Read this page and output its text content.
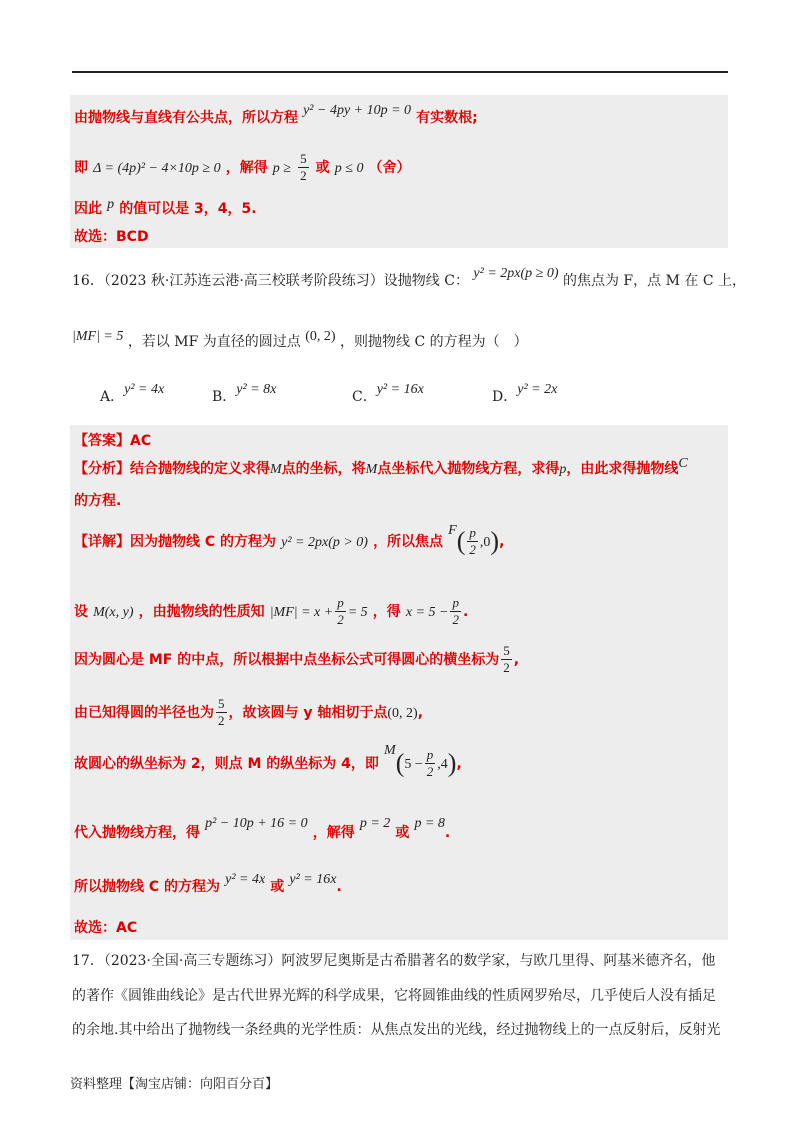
由抛物线与直线有公共点，所以方程 y² − 4py + 10p = 0 有实数根;
即 Δ = (4p)² − 4×10p ≥ 0 ，解得 $p \ge \frac{5}{2}$ 或 p ≤ 0 （舍）
因此 p 的值可以是 3，4，5.
故选：BCD
16．（2023 秋·江苏连云港·高三校联考阶段练习）设抛物线 C： y² = 2px(p ≥ 0) 的焦点为 F，点 M 在 C 上，
|MF| = 5 ，若以 MF 为直径的圆过点 (0, 2) ，则抛物线 C 的方程为（　）
A．y² = 4x	B．y² = 8x	C．y² = 16x	D．y² = 2x
【答案】AC
【分析】结合抛物线的定义求得M点的坐标，将M点坐标代入抛物线方程，求得p，由此求得抛物线C
的方程.
【详解】因为抛物线 C 的方程为 y² = 2px(p > 0) ，所以焦点 $F( \frac{p}{2} ,0)$,
设 M(x, y) ，由抛物线的性质知 $|MF| = x + \frac{p}{2} = 5$ ，得 $x = 5 - \frac{p}{2}$ .
因为圆心是 MF 的中点，所以根据中点坐标公式可得圆心的横坐标为 $\frac{5}{2}$ ,
由已知得圆的半径也为 $\frac{5}{2}$ ，故该圆与 y 轴相切于点(0, 2),
故圆心的纵坐标为 2，则点 M 的纵坐标为 4，即 $M(5 - \frac{p}{2} ,4)$,
代入抛物线方程，得 p² − 10p + 16 = 0 ，解得 p = 2 或 p = 8.
所以抛物线 C 的方程为 y² = 4x 或 y² = 16x.
故选：AC
17．（2023·全国·高三专题练习）阿波罗尼奥斯是古希腊著名的数学家，与欧几里得、阿基米德齐名，他
的著作《圆锥曲线论》是古代世界光辉的科学成果，它将圆锥曲线的性质网罗殆尽，几乎使后人没有插足
的余地.其中给出了抛物线一条经典的光学性质：从焦点发出的光线，经过抛物线上的一点反射后，反射光
资料整理【淘宝店铺：向阳百分百】
